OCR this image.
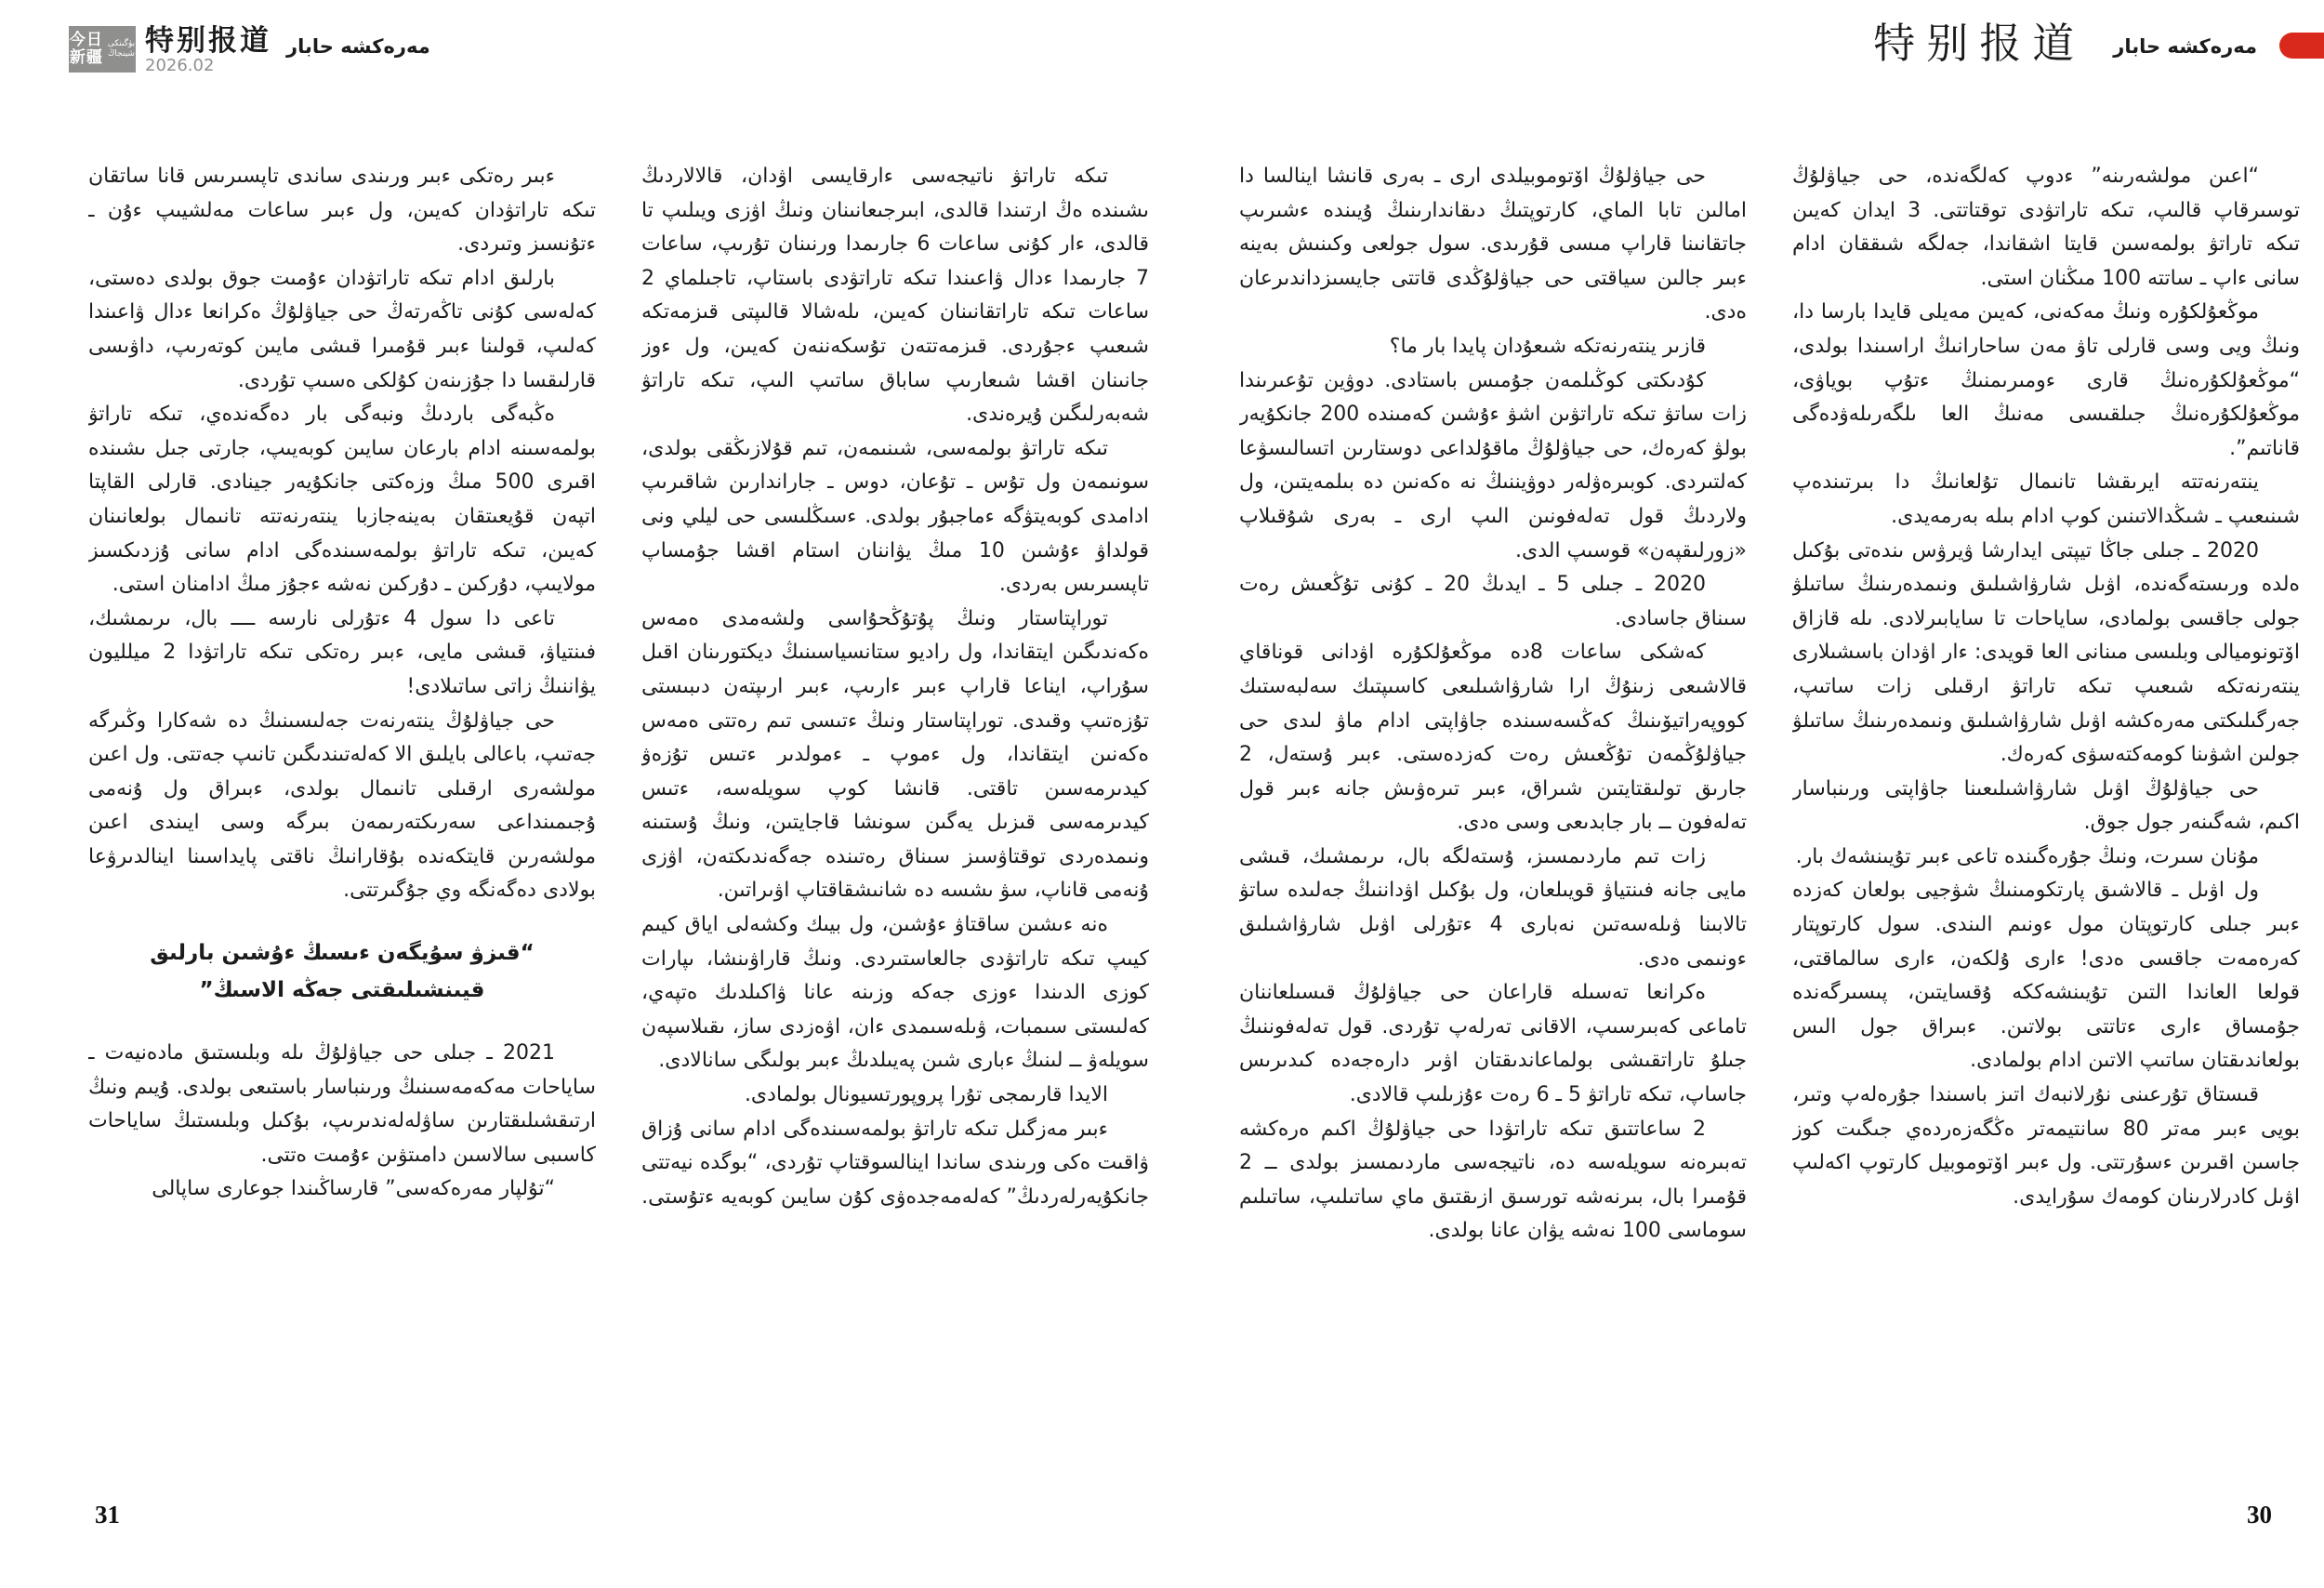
今日
新疆
بۈگىنكى
شينجاڭ 特别报道
2026.02
مەرەكشە حابار	特别报道 مەرەكشە حابار

ءبىر رەتكى ءبىر ورىندى ساندى تاپسىرىس قانا ساتقان تىكە تاراتۋدان كەيىن، ول ءبىر ساعات مەلشيىپ ءۇن ـ ءتۇنسىز وتىردى.

بارلىق ادام تىكە تاراتۋدان ءۇمىت جوق بولدى دەستى، كەلەسى كۇنى تاڭەرتەڭ حى جياۋلۇڭ ەكرانعا ءدال ۋاعىندا كەلىپ، قولىنا ءبىر قۇمىرا قىشى مايىن كوتەرىپ، داۋىسى قارلىقسا دا جۇزىنەن كۇلكى ەسىپ تۇردى.

ەڭبەگى باردىڭ ونبەگى بار دەگەندەي، تىكە تاراتۋ بولمەسىنە ادام بارعان سايىن كوبەيىپ، جارتى جىل ىشىندە اقىرى 500 مىڭ وزەكتى جانكۇيەر جينادى. قارلى القاپتا اتپەن قۇيعىتقان بەينەجازبا ينتەرنەتتە تانىمال بولعانىنان كەيىن، تىكە تاراتۋ بولمەسىندەگى ادام سانى ۇزدىكسىز مولايىپ، دۇركىن ـ دۇركىن نەشە ءجۇز مىڭ ادامنان استى.

تاعى دا سول 4 ءتۇرلى نارسە ــــ بال، ىرىمشىك، فىنتياۋ، قىشى مايى، ءبىر رەتكى تىكە تاراتۋدا 2 ميلليون يۋاننىڭ زاتى ساتىلادى!

حى جياۋلۇڭ ينتەرنەت جەلىسىنىڭ دە شەكارا وڭىرگە جەتىپ، باعالى بايلىق الا كەلەتىندىگىن تانىپ جەتتى. ول اعىن مولشەرى ارقىلى تانىمال بولدى، ءبىراق ول ۇنەمى ۇجىمىنداعى سەرىكتەرىمەن بىرگە وسى ايىندى اعىن مولشەرىن قايتكەندە بۇقارانىڭ ناقتى پايداسىنا اينالدىرۋعا بولادى دەگەنگە وي جۇگىرتتى.

“قىزۋ سۇيگەن ءىسىڭ ءۇشىن بارلىق قيىنشىلىقتى جەڭە الاسىڭ”

2021 ـ جىلى حى جياۋلۇڭ ىلە وبلىستىق مادەنيەت ـ ساياحات مەكەمەسىنىڭ ورىنباسار باستىعى بولدى. ۇيىم ونىڭ ارتىقشىلىقتارىن ساۋلەلەندىرىپ، بۇكىل وبلىستىڭ ساياحات كاسىبى سالاسىن دامىتۋىن ءۇمىت ەتتى.

“تۇلپار مەرەكەسى” قارساڭىندا جوعارى ساپالى

تىكە تاراتۋ ناتيجەسى ءارقايسى اۋدان، قالالاردىڭ ىشىندە ەڭ ارتىندا قالدى، ابىرجىعانىنان ونىڭ اۋزى ويىلىپ تا قالدى، ءار كۇنى ساعات 6 جارىمدا ورنىنان تۇرىپ، ساعات 7 جارىمدا ءدال ۋاعىندا تىكە تاراتۋدى باستاپ، تاجىلماي 2 ساعات تىكە تاراتقانىنان كەيىن، ىلەشالا قالىپتى قىزمەتكە شىعىپ ءجۇردى. قىزمەتتەن تۇسكەننەن كەيىن، ول ءوز جانىنان اقشا شىعارىپ ساباق ساتىپ الىپ، تىكە تاراتۋ شەبەرلىگىن ۇيرەندى.

تىكە تاراتۋ بولمەسى، شىنىمەن، تىم قۇلازىڭقى بولدى، سونىمەن ول تۇس ـ تۇعان، دوس ـ جاراندارىن شاقىرىپ ادامدى كوبەيتۋگە ءماجبۇر بولدى. ءسىڭلىسى حى ليلي ونى قولداۋ ءۇشىن 10 مىڭ يۋاننان استام اقشا جۇمساپ تاپسىرىس بەردى.

توراپتاستار ونىڭ پۇتۇڭحۇاسى ولشەمدى ەمەس ەكەندىگىن ايتقاندا، ول راديو ستانسياسىنىڭ ديكتورىنان اقىل سۇراپ، ايناعا قاراپ ءبىر ءارىپ، ءبىر ارىپتەن دىبىستى تۇزەتىپ وقىدى. توراپتاستار ونىڭ ءتىسى تىم رەتتى ەمەس ەكەنىن ايتقاندا، ول ءموپ ـ ءمولدىر ءتىس تۇزەۋ كيدىرمەسىن تاقتى. قانشا كوپ سويلەسە، ءتىس كيدىرمەسى قىزىل يەگىن سونشا قاجايتىن، ونىڭ ۇستىنە ونىمدەردى توقتاۋسىز سىناق رەتىندە جەگەندىكتەن، اۋزى ۇنەمى قاناپ، سۋ ىشسە دە شانىشقاقتاپ اۋىراتىن.

ەنە ءىشىن ساقتاۋ ءۇشىن، ول بيىك وكشەلى اياق كيىم كيىپ تىكە تاراتۋدى جالعاستىردى. ونىڭ قاراۋىنشا، ىپارات كوزى الدىندا ءوزى جەكە وزىنە عانا ۋاكىلدىك ەتپەي، كەلىستى سىمبات، ۋىلەسىمدى ءان، اۋەزدى ساز، ىقىلاسپەن سويلەۋ ــ لىنىڭ ءبارى شىن پەيىلدىڭ ءبىر بولىگى سانالادى.

الايدا قارىمجى تۇرا پروپورتسيونال بولمادى.

ءبىر مەزگىل تىكە تاراتۋ بولمەسىندەگى ادام سانى ۇزاق ۋاقىت ەكى ورىندى ساندا اينالسوقتاپ تۇردى، “بوگدە نيەتتى جانكۇيەرلەردىڭ” كەلەمەجدەۋى كۇن سايىن كوبەيە ءتۇستى.

حى جياۋلۇڭ اۆتوموبيلدى ارى ـ بەرى قانشا اينالسا دا امالىن تابا الماي، كارتوپتىڭ دىقاندارىنىڭ ۇيىندە ءشىرىپ جاتقانىنا قاراپ مىسى قۇرىدى. سول جولعى وكىنىش بەينە ءبىر جالىن سياقتى حى جياۋلۇڭدى قاتتى جايسىزداندىرعان ەدى.

قازىر ينتەرنەتكە شىعۇدان پايدا بار ما؟

كۇدىكتى كوڭىلمەن جۇمىس باستادى. دوۋين تۇعىرىندا زات ساتۋ تىكە تاراتۋىن اشۋ ءۇشىن كەمىندە 200 جانكۇيەر بولۋ كەرەك، حى جياۋلۇڭ ماقۇلداعى دوستارىن اتسالىسۋعا كەلتىردى. كوبىرەۋلەر دوۋيننىڭ نە ەكەنىن دە بىلمەيتىن، ول ولاردىڭ قول تەلەفونىن الىپ ارى ـ بەرى شۇقىلاپ «زورلىقپەن» قوسىپ الدى.

2020 ـ جىلى 5 ـ ايدىڭ 20 ـ كۇنى تۇڭعىش رەت سىناق جاسادى.

كەشكى ساعات 8دە موڭعۇلكۇرە اۋدانى قوناقاي قالاشىعى زىنۇڭ ارا شارۋاشىلىعى كاسىپتىك سەلبەستىك كووپەراتيۆىنىڭ كەڭسەسىندە جاۋاپتى ادام ماۋ لىدى حى جياۋلۇڭمەن تۇڭعىش رەت كەزدەستى. ءبىر ۇستەل، 2 جارىق تولىقتايتىن شىراق، ءبىر تىرەۋىش جانە ءبىر قول تەلەفون ــ بار جابدىعى وسى ەدى.

زات تىم ماردىمسىز، ۇستەلگە بال، ىرىمشىك، قىشى مايى جانە فىنتياۋ قويىلعان، ول بۇكىل اۋداننىڭ جەلىدە ساتۋ تالابىنا ۋىلەسەتىن نەبارى 4 ءتۇرلى اۋىل شارۋاشىلىق ءونىمى ەدى.

ەكرانعا تەسىلە قاراعان حى جياۋلۇڭ قىسىلعاننان تاماعى كەبىرسىپ، الاقانى تەرلەپ تۇردى. قول تەلەفوننىڭ جىلۇ تاراتقىشى بولماعاندىقتان اۋىر دارەجەدە كىدىرىس جاساپ، تىكە تاراتۋ 5 ـ 6 رەت ءۇزىلىپ قالادى.

2 ساعاتتىق تىكە تاراتۋدا حى جياۋلۇڭ اكىم ەرەكشە تەبىرەنە سويلەسە دە، ناتيجەسى ماردىمسىز بولدى ــ 2 قۇمىرا بال، بىرنەشە تورسىق ازىقتىق ماي ساتىلىپ، ساتىلىم سوماسى 100 نەشە يۋان عانا بولدى.

“اعىن مولشەرىنە” ءدوپ كەلگەندە، حى جياۋلۇڭ توسىرقاپ قالىپ، تىكە تاراتۋدى توقتاتتى. 3 ايدان كەيىن تىكە تاراتۋ بولمەسىن قايتا اشقاندا، جەلگە شىققان ادام سانى ءاپ ـ ساتتە 100 مىڭنان استى.

موڭعۇلكۇرە ونىڭ مەكەنى، كەيىن مەيلى قايدا بارسا دا، ونىڭ ويى وسى قارلى تاۋ مەن ساحارانىڭ اراسىندا بولدى، “موڭعۇلكۇرەنىڭ قارى ءومىرىمنىڭ ءتۇپ بوياۋى، موڭعۇلكۇرەنىڭ جىلقىسى مەنىڭ العا ىلگەرىلەۋدەگى قاناتىم”.

ينتەرنەتتە ايرىقشا تانىمال تۇلعانىڭ دا بىرتىندەپ شىنىعىپ ـ شىڭدالاتىنىن كوپ ادام بىلە بەرمەيدى.

2020 ـ جىلى جاڭا تيپتى ايدارشا ۋيرۋس ىندەتى بۇكىل ەلدە ورىستەگەندە، اۋىل شارۋاشىلىق ونىمدەرىنىڭ ساتىلۋ جولى جاقسى بولمادى، ساياحات تا سايابىرلادى. ىلە قازاق اۆتونوميالى وبلىسى مىنانى العا قويدى: ءار اۋدان باسشىلارى ينتەرنەتكە شىعىپ تىكە تاراتۋ ارقىلى زات ساتىپ، جەرگىلىكتى مەرەكشە اۋىل شارۋاشىلىق ونىمدەرىنىڭ ساتىلۋ جولىن اشۋىنا كومەكتەسۋى كەرەك.

حى جياۋلۇڭ اۋىل شارۋاشىلىعىنا جاۋاپتى ورىنباسار اكىم، شەگىنەر جول جوق.

مۇنان سىرت، ونىڭ جۇرەگىندە تاعى ءبىر تۇيىنشەك بار.

ول اۋىل ـ قالاشىق پارتكومىنىڭ شۋجيى بولعان كەزدە ءبىر جىلى كارتوپتان مول ءونىم الىندى. سول كارتوپتار كەرەمەت جاقسى ەدى! ءارى ۇلكەن، ءارى سالماقتى، قولعا العاندا التىن تۇيىنشەككە ۇقسايتىن، پىسىرگەندە جۇمساق ءارى ءتاتتى بولاتىن. ءبىراق جول الىس بولعاندىقتان ساتىپ الاتىن ادام بولمادى.

قىستاق تۇرعىنى نۇرلانبەك اتىز باسىندا جۇرەلەپ وتىر، بويى ءبىر مەتر 80 سانتيمەتر ەڭگەزەردەي جىگىت كوز جاسىن اقىرىن ءسۇرتتى. ول ءبىر اۆتوموبيل كارتوپ اكەلىپ اۋىل كادرلارىنان كومەك سۇرايدى.

31	30
